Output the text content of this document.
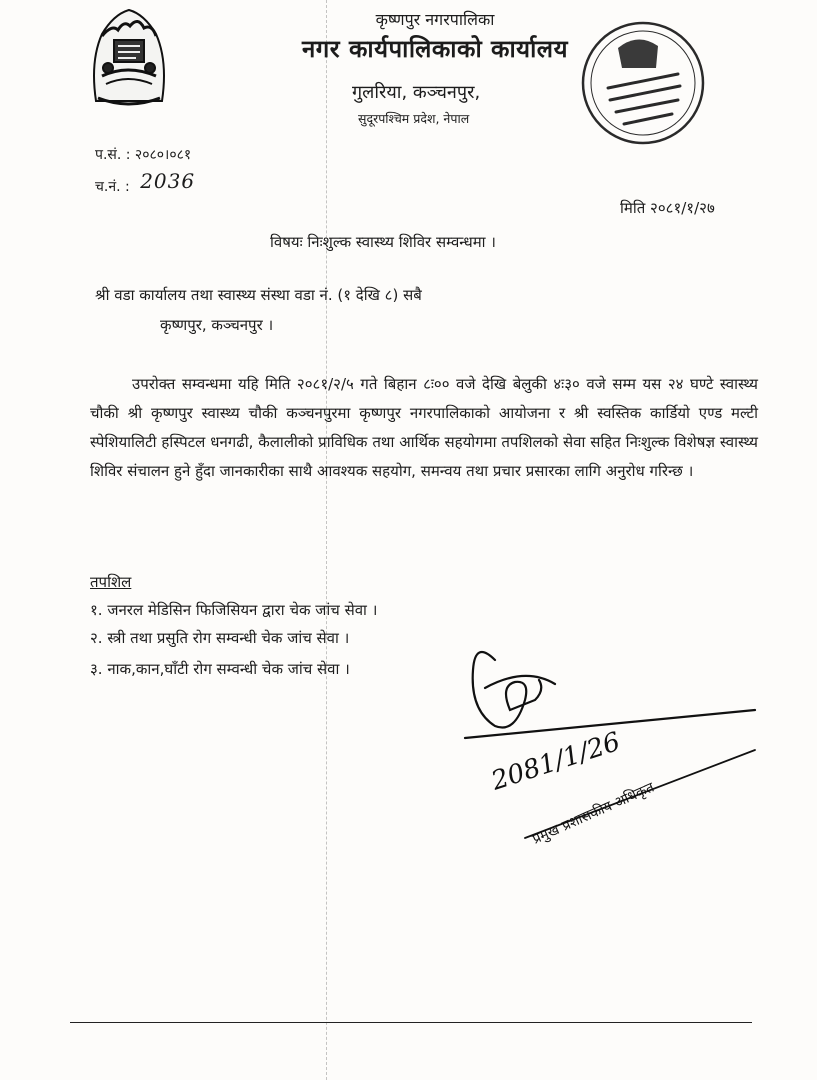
कृष्णपुर नगरपालिका
नगर कार्यपालिकाको कार्यालय
गुलरिया, कञ्चनपुर,
सुदूरपश्चिम प्रदेश, नेपाल
प.सं. : २०८०।०८१
च.नं. : 2036
मिति २०८१/१/२७
विषयः निःशुल्क स्वास्थ्य शिविर सम्वन्धमा ।
श्री वडा कार्यालय तथा स्वास्थ्य संस्था वडा नं. (१ देखि ८) सबै
कृष्णपुर, कञ्चनपुर ।
उपरोक्त सम्वन्धमा यहि मिति २०८१/२/५ गते बिहान ८ः०० वजे देखि बेलुकी ४ः३० वजे सम्म यस २४ घण्टे स्वास्थ्य चौकी श्री कृष्णपुर स्वास्थ्य चौकी कञ्चनपुरमा कृष्णपुर नगरपालिकाको आयोजना र श्री स्वस्तिक कार्डियो एण्ड मल्टी स्पेशियालिटी हस्पिटल धनगढी, कैलालीको प्राविधिक तथा आर्थिक सहयोगमा तपशिलको सेवा सहित निःशुल्क विशेषज्ञ स्वास्थ्य शिविर संचालन हुने हुँदा जानकारीका साथै आवश्यक सहयोग, समन्वय तथा प्रचार प्रसारका लागि अनुरोध गरिन्छ ।
तपशिल
१. जनरल मेडिसिन फिजिसियन द्वारा चेक जांच सेवा ।
२. स्त्री तथा प्रसुति रोग सम्वन्धी चेक जांच सेवा ।
३. नाक,कान,घाँटी रोग सम्वन्धी चेक जांच सेवा ।
2081/1/26
प्रमुख प्रशासकीय अधिकृत
